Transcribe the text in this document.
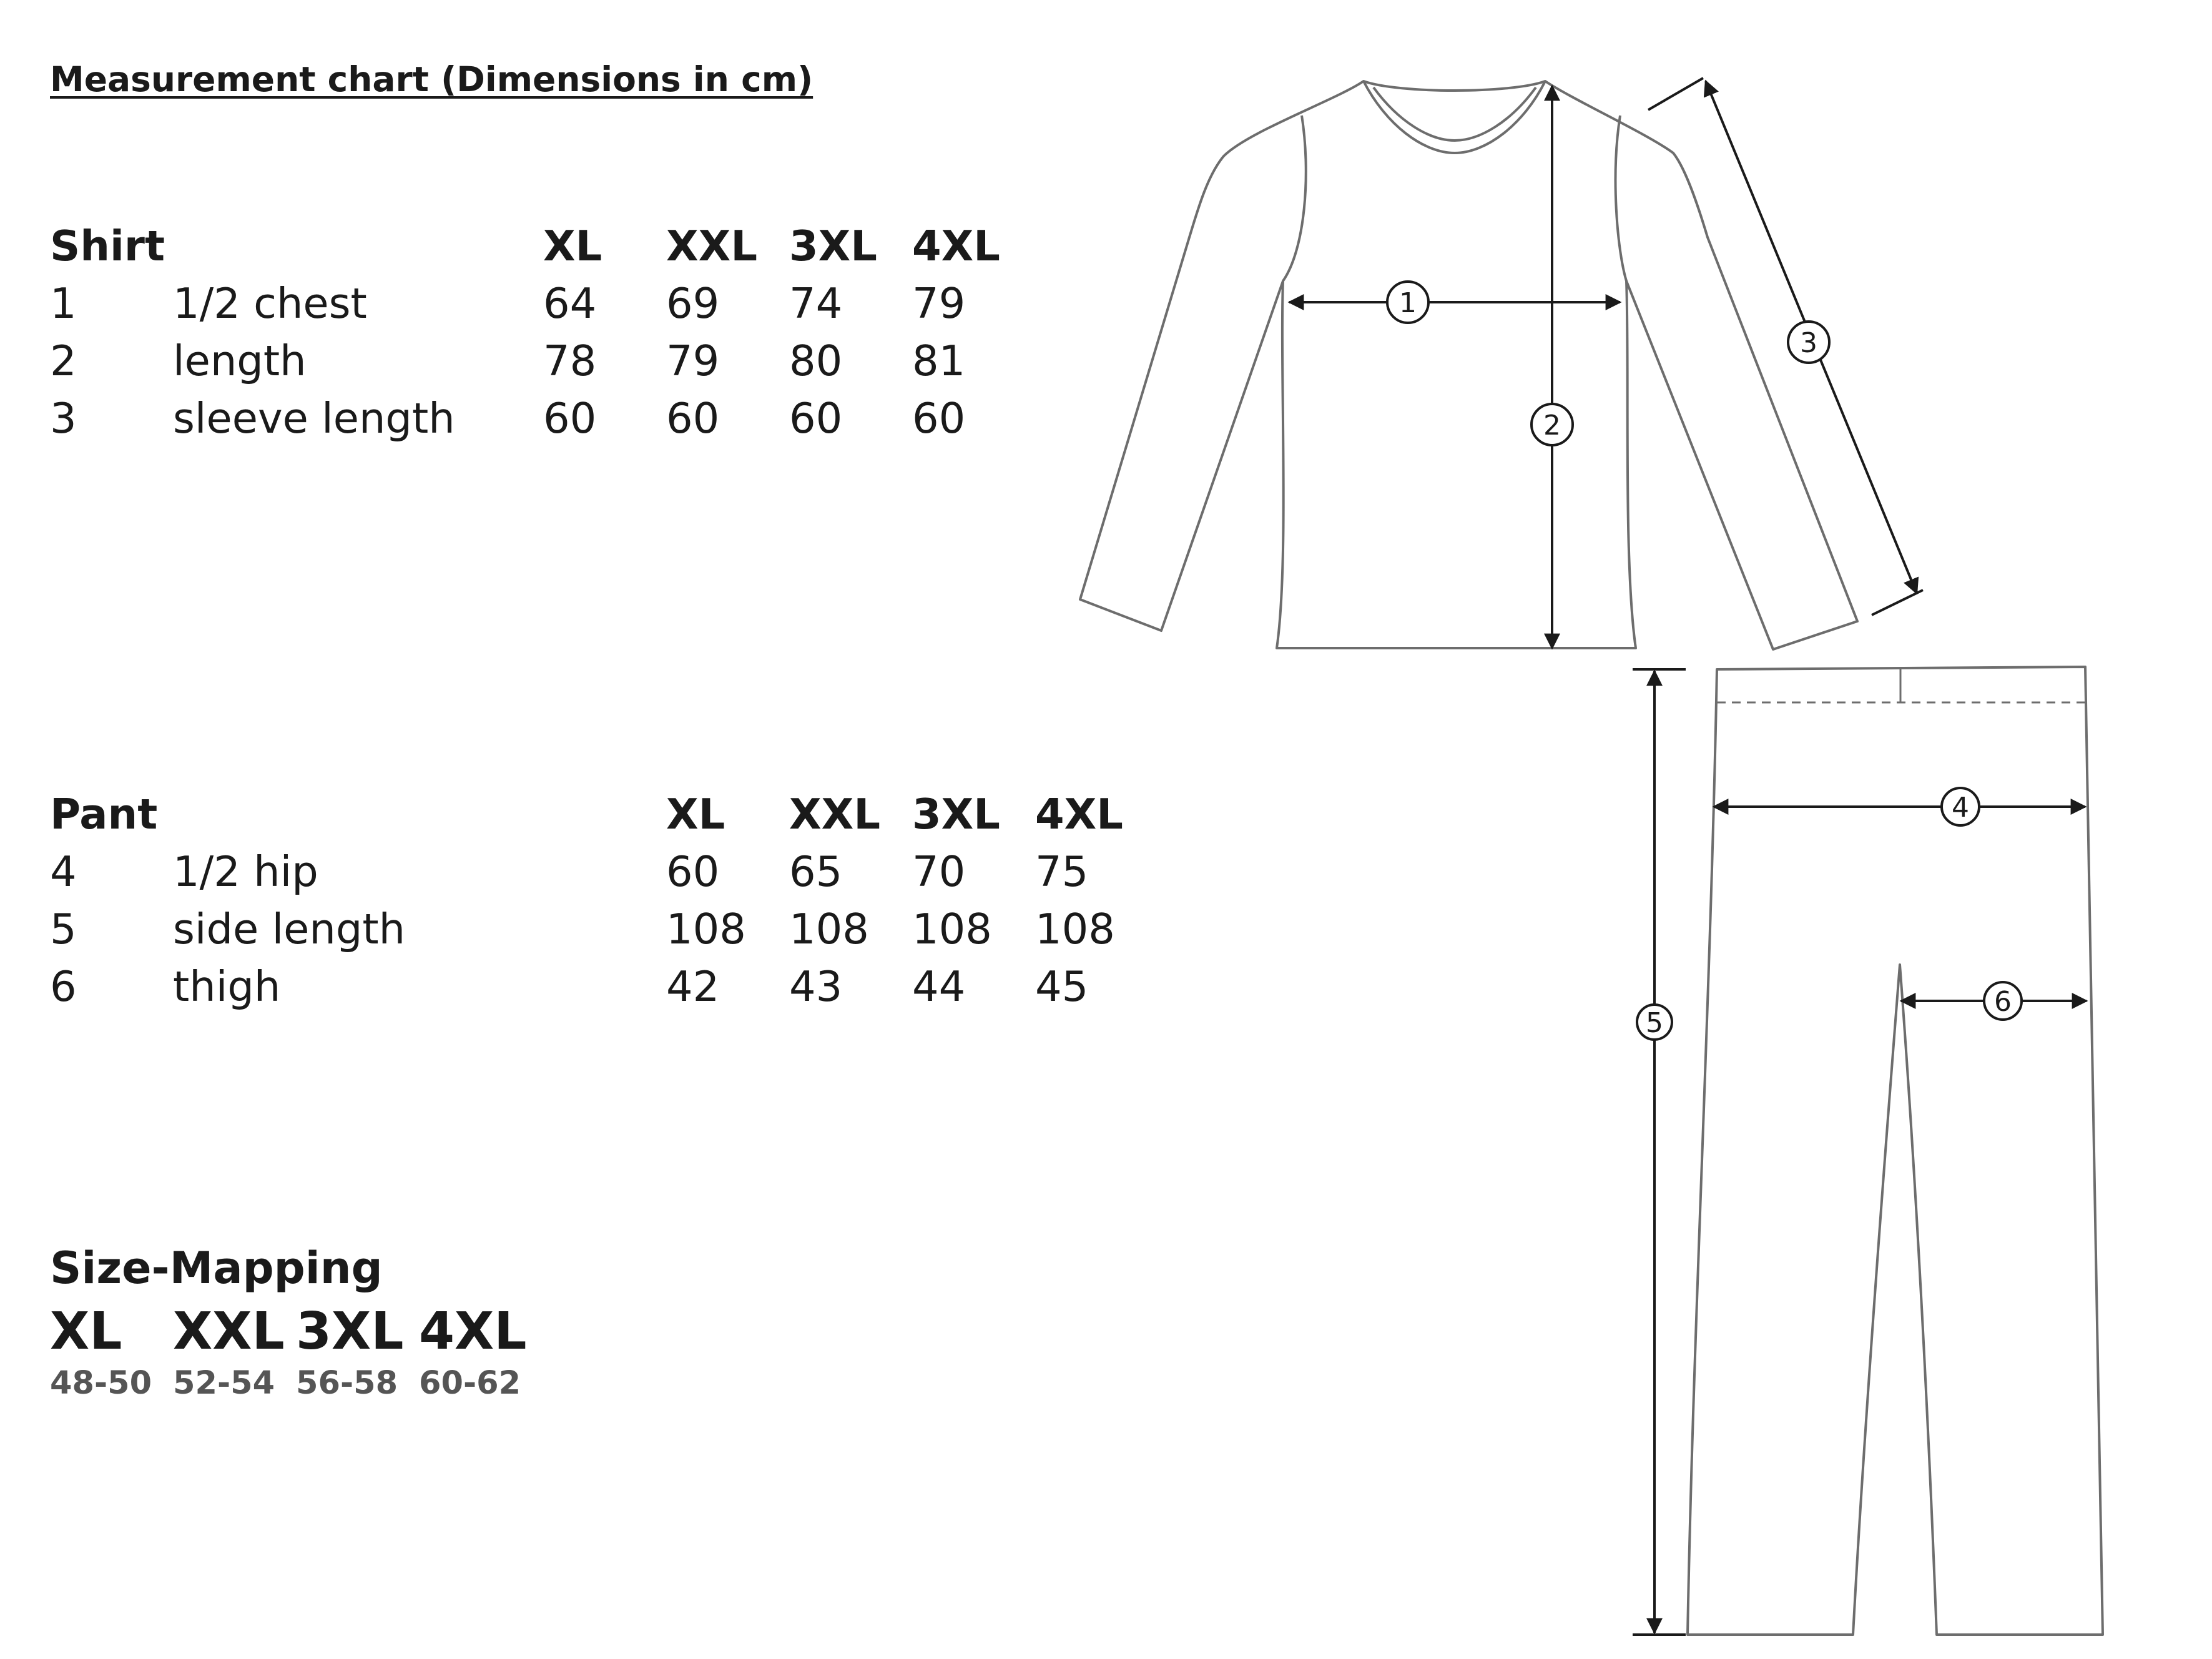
Measurement chart (Dimensions in cm)
Shirt	XL XXL 3XL 4XL
1 1/2 chest	64 69 74 79
2 length	78 79 80 81
3 sleeve length 60 60 60 60
Pant	XL XXL 3XL 4XL
4 1/2 hip	60 65 70 75
5 side length	108 108 108 108
6 thigh	42 43 44 45
Size-Mapping
XL
48-50
XXL
52-54
3XL
56-58
4XL
60-62
1
2
3
4
5
6
